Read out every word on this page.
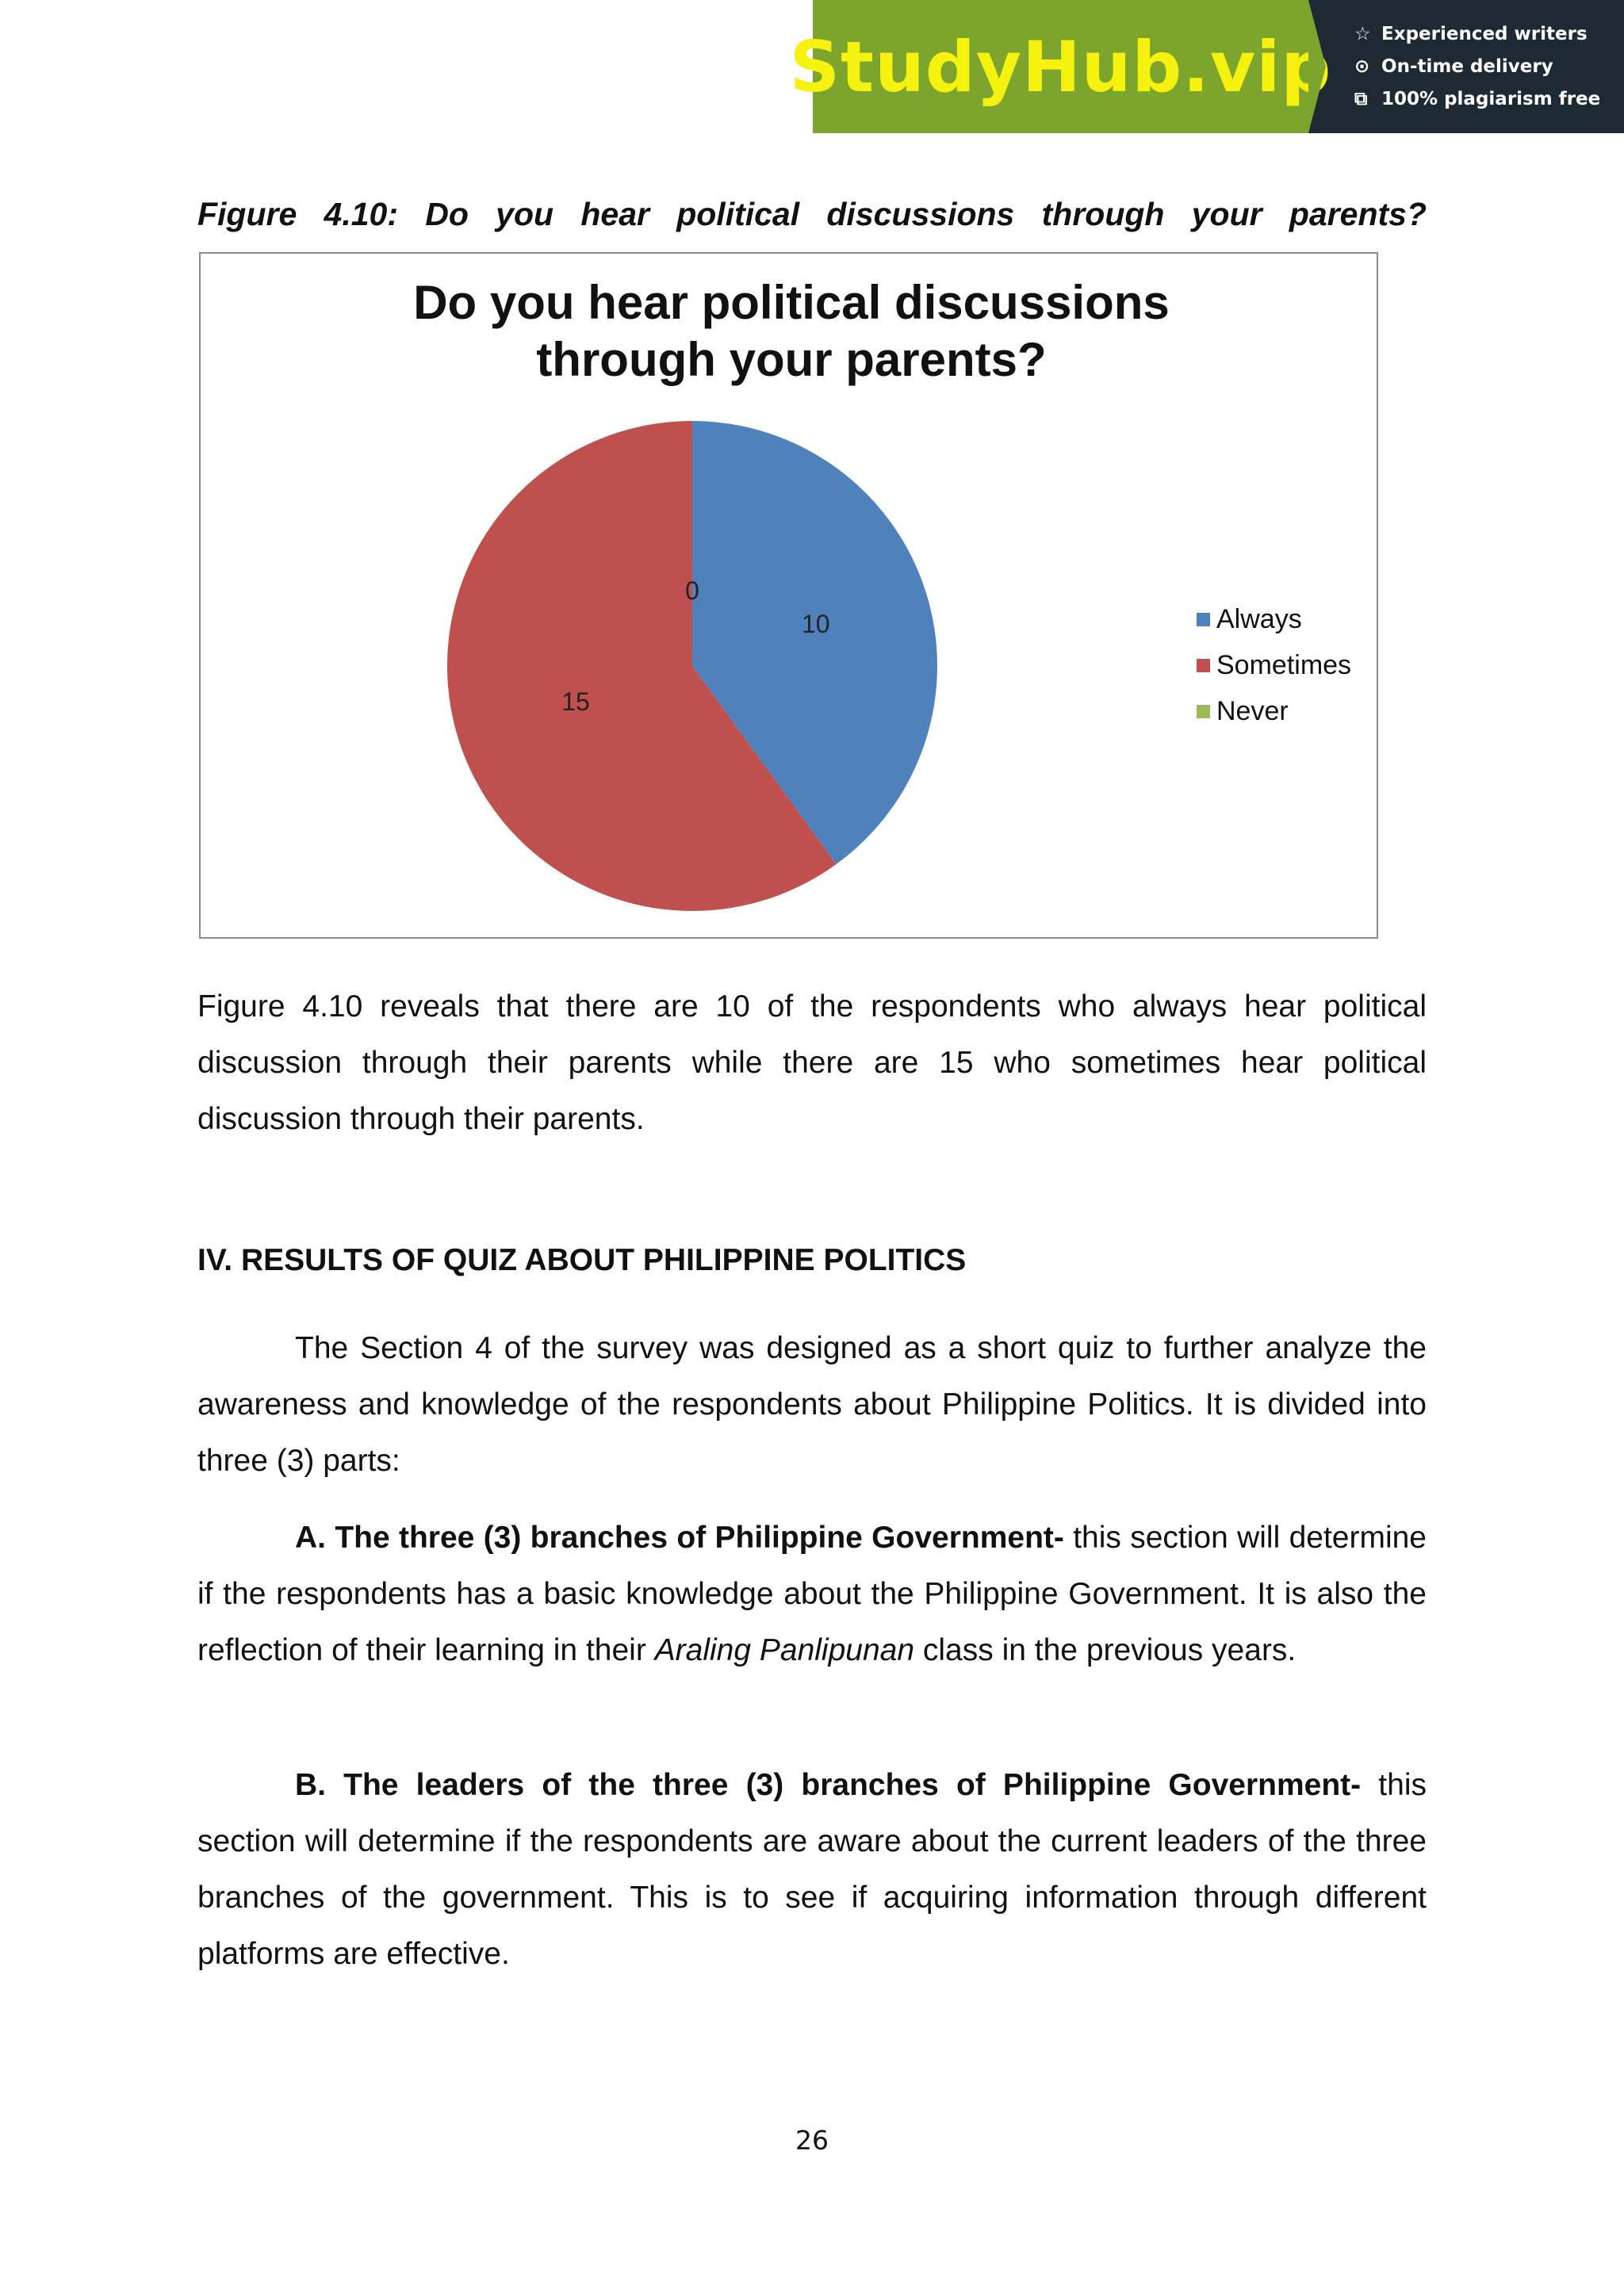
StudyHub.vip ☆ Experienced writers
⊙ On-time delivery
⧉ 100% plagiarism free
Figure 4.10: Do you hear political discussions through your parents?
Do you hear political discussions
through your parents?
10
15
0
Always
Sometimes
Never
Figure 4.10 reveals that there are 10 of the respondents who always hear political discussion through their parents while there are 15 who sometimes hear political discussion through their parents.
IV. RESULTS OF QUIZ ABOUT PHILIPPINE POLITICS
The Section 4 of the survey was designed as a short quiz to further analyze the awareness and knowledge of the respondents about Philippine Politics. It is divided into three (3) parts:
A. The three (3) branches of Philippine Government- this section will determine if the respondents has a basic knowledge about the Philippine Government. It is also the reflection of their learning in their Araling Panlipunan class in the previous years.
B. The leaders of the three (3) branches of Philippine Government- this section will determine if the respondents are aware about the current leaders of the three branches of the government. This is to see if acquiring information through different platforms are effective.
26
